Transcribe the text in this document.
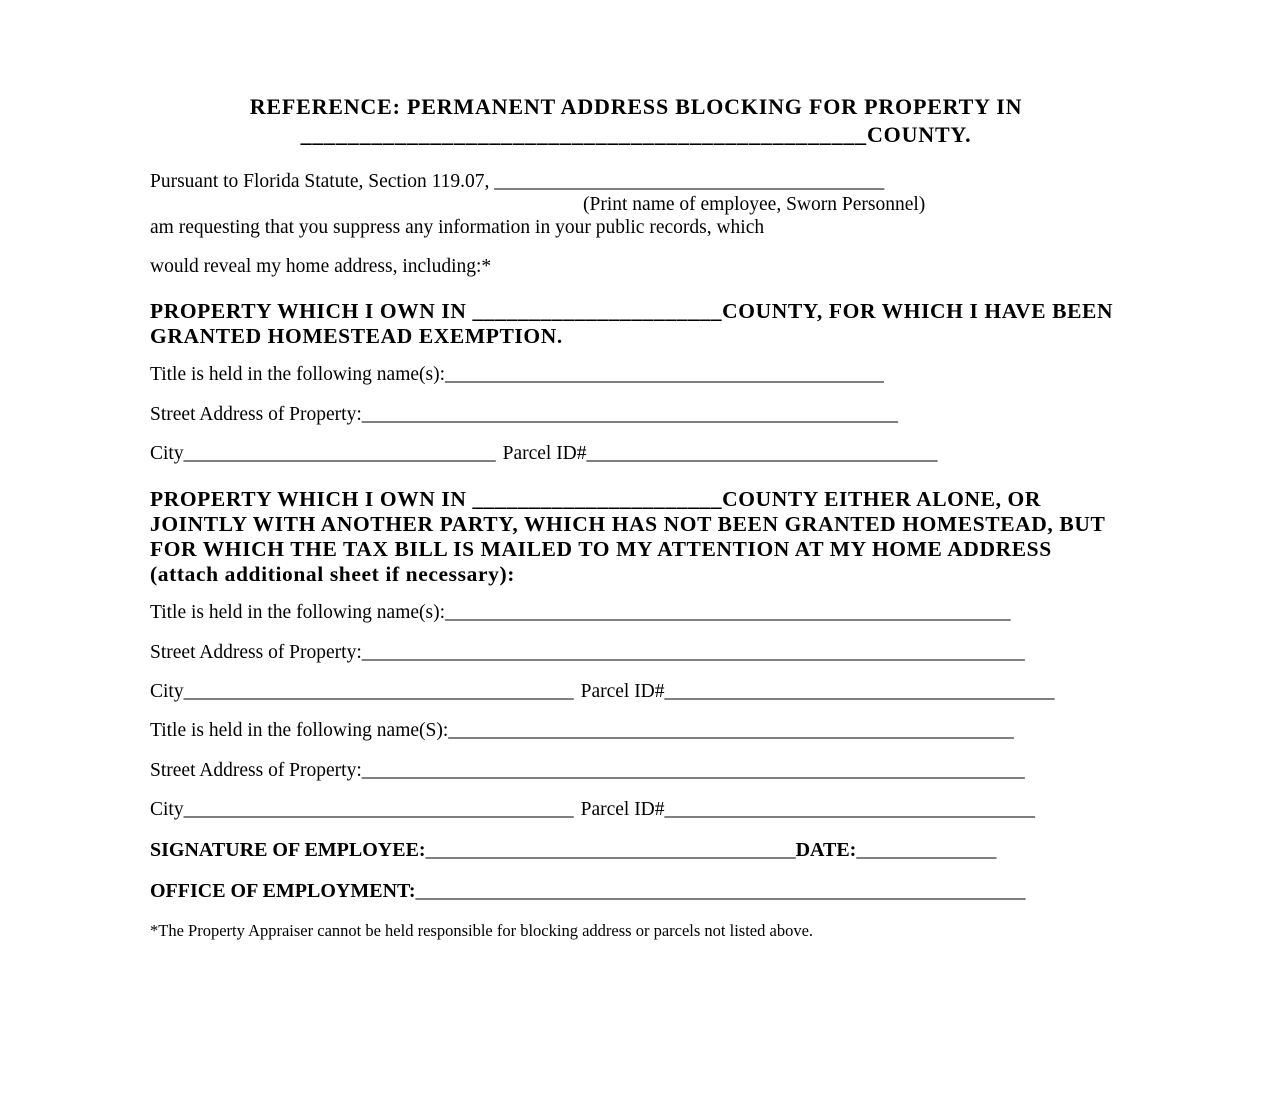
REFERENCE: PERMANENT ADDRESS BLOCKING FOR PROPERTY IN
________________________________________________COUNTY.

Pursuant to Florida Statute, Section 119.07, ________________________________________

(Print name of employee, Sworn Personnel)

am requesting that you suppress any information in your public records, which

would reveal my home address, including:*

PROPERTY WHICH I OWN IN ______________________COUNTY, FOR WHICH I HAVE BEEN GRANTED HOMESTEAD EXEMPTION.

Title is held in the following name(s):_____________________________________________

Street Address of Property:_______________________________________________________

City________________________________ Parcel ID#____________________________________

PROPERTY WHICH I OWN IN ______________________COUNTY EITHER ALONE, OR JOINTLY WITH ANOTHER PARTY, WHICH HAS NOT BEEN GRANTED HOMESTEAD, BUT FOR WHICH THE TAX BILL IS MAILED TO MY ATTENTION AT MY HOME ADDRESS (attach additional sheet if necessary):

Title is held in the following name(s):__________________________________________________________

Street Address of Property:____________________________________________________________________

City________________________________________ Parcel ID#________________________________________

Title is held in the following name(S):__________________________________________________________

Street Address of Property:____________________________________________________________________

City________________________________________ Parcel ID#______________________________________

SIGNATURE OF EMPLOYEE:_____________________________________DATE:______________

OFFICE OF EMPLOYMENT:_____________________________________________________________

*The Property Appraiser cannot be held responsible for blocking address or parcels not listed above.
